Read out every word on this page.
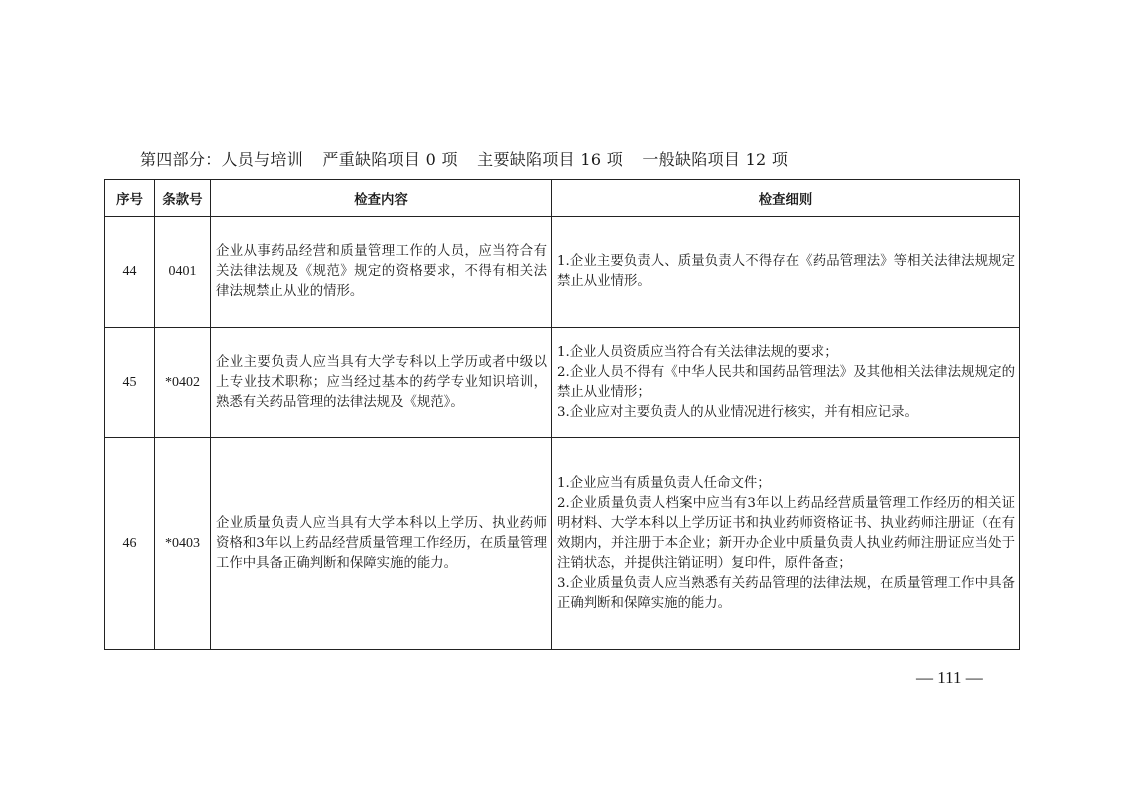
第四部分：人员与培训 严重缺陷项目 0 项 主要缺陷项目 16 项 一般缺陷项目 12 项
序号	条款号	检查内容	检查细则
44	0401	企业从事药品经营和质量管理工作的人员，应当符合有关法律法规及《规范》规定的资格要求，不得有相关法律法规禁止从业的情形。	1.企业主要负责人、质量负责人不得存在《药品管理法》等相关法律法规规定禁止从业情形。

45	*0402	企业主要负责人应当具有大学专科以上学历或者中级以上专业技术职称；应当经过基本的药学专业知识培训，熟悉有关药品管理的法律法规及《规范》。	1.企业人员资质应当符合有关法律法规的要求；
2.企业人员不得有《中华人民共和国药品管理法》及其他相关法律法规规定的禁止从业情形；
3.企业应对主要负责人的从业情况进行核实，并有相应记录。

46	*0403	企业质量负责人应当具有大学本科以上学历、执业药师资格和3年以上药品经营质量管理工作经历，在质量管理工作中具备正确判断和保障实施的能力。	1.企业应当有质量负责人任命文件；
2.企业质量负责人档案中应当有3年以上药品经营质量管理工作经历的相关证明材料、大学本科以上学历证书和执业药师资格证书、执业药师注册证（在有效期内，并注册于本企业；新开办企业中质量负责人执业药师注册证应当处于注销状态，并提供注销证明）复印件，原件备查；
3.企业质量负责人应当熟悉有关药品管理的法律法规，在质量管理工作中具备正确判断和保障实施的能力。
— 111 —
